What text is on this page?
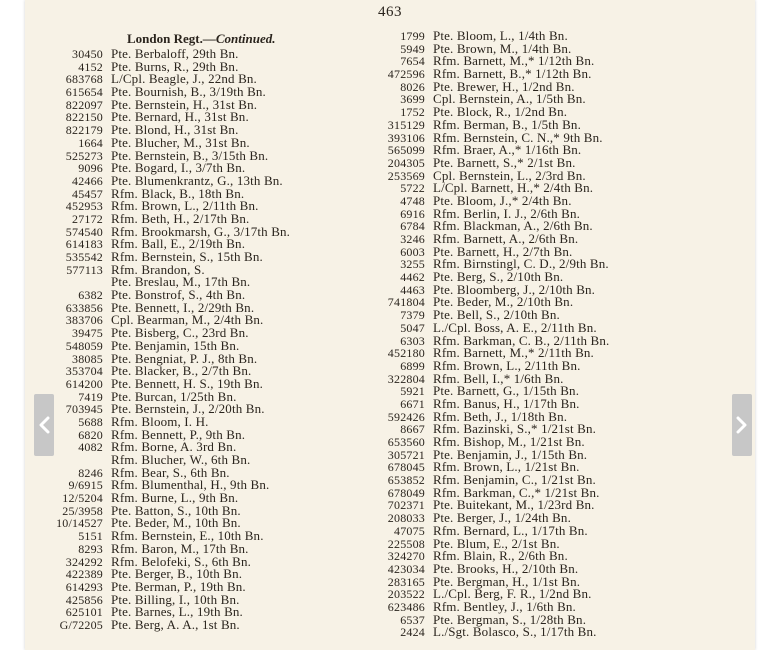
463
London Regt.—Continued.
30450 Pte. Berbaloff, 29th Bn.
4152 Pte. Burns, R., 29th Bn.
683768 L/Cpl. Beagle, J., 22nd Bn.
615654 Pte. Bournish, B., 3/19th Bn.
822097 Pte. Bernstein, H., 31st Bn.
822150 Pte. Bernard, H., 31st Bn.
822179 Pte. Blond, H., 31st Bn.
1664 Pte. Blucher, M., 31st Bn.
525273 Pte. Bernstein, B., 3/15th Bn.
9096 Pte. Bogard, I., 3/7th Bn.
42466 Pte. Blumenkrantz, G., 13th Bn.
45457 Rfm. Black, B., 18th Bn.
452953 Rfm. Brown, L., 2/11th Bn.
27172 Rfm. Beth, H., 2/17th Bn.
574540 Rfm. Brookmarsh, G., 3/17th Bn.
614183 Rfm. Ball, E., 2/19th Bn.
535542 Rfm. Bernstein, S., 15th Bn.
577113 Rfm. Brandon, S.
Pte. Breslau, M., 17th Bn.
6382 Pte. Bonstrof, S., 4th Bn.
633856 Pte. Bennett, I., 2/29th Bn.
383706 Cpl. Bearman, M., 2/4th Bn.
39475 Pte. Bisberg, C., 23rd Bn.
548059 Pte. Benjamin, 15th Bn.
38085 Pte. Bengniat, P. J., 8th Bn.
353704 Pte. Blacker, B., 2/7th Bn.
614200 Pte. Bennett, H. S., 19th Bn.
7419 Pte. Burcan, 1/25th Bn.
703945 Pte. Bernstein, J., 2/20th Bn.
5688 Rfm. Bloom, I. H.
6820 Rfm. Bennett, P., 9th Bn.
4082 Rfm. Borne, A. 3rd Bn.
Rfm. Blucher, W., 6th Bn.
8246 Rfm. Bear, S., 6th Bn.
9/6915 Rfm. Blumenthal, H., 9th Bn.
12/5204 Rfm. Burne, L., 9th Bn.
25/3958 Pte. Batton, S., 10th Bn.
10/14527 Pte. Beder, M., 10th Bn.
5151 Rfm. Bernstein, E., 10th Bn.
8293 Rfm. Baron, M., 17th Bn.
324292 Rfm. Belofeki, S., 6th Bn.
422389 Pte. Berger, B., 10th Bn.
614293 Pte. Berman, P., 19th Bn.
425856 Pte. Billing, I., 10th Bn.
625101 Pte. Barnes, L., 19th Bn.
G/72205 Pte. Berg, A. A., 1st Bn.
1799 Pte. Bloom, L., 1/4th Bn.
5949 Pte. Brown, M., 1/4th Bn.
7654 Rfm. Barnett, M.,* 1/12th Bn.
472596 Rfm. Barnett, B.,* 1/12th Bn.
8026 Pte. Brewer, H., 1/2nd Bn.
3699 Cpl. Bernstein, A., 1/5th Bn.
1752 Pte. Block, R., 1/2nd Bn.
315129 Rfm. Berman, B., 1/5th Bn.
393106 Rfm. Bernstein, C. N.,* 9th Bn.
565099 Rfm. Braer, A.,* 1/16th Bn.
204305 Pte. Barnett, S.,* 2/1st Bn.
253569 Cpl. Bernstein, L., 2/3rd Bn.
5722 L/Cpl. Barnett, H.,* 2/4th Bn.
4748 Pte. Bloom, J.,* 2/4th Bn.
6916 Rfm. Berlin, I. J., 2/6th Bn.
6784 Rfm. Blackman, A., 2/6th Bn.
3246 Rfm. Barnett, A., 2/6th Bn.
6003 Pte. Barnett, H., 2/7th Bn.
3255 Rfm. Birnstingl, C. D., 2/9th Bn.
4462 Pte. Berg, S., 2/10th Bn.
4463 Pte. Bloomberg, J., 2/10th Bn.
741804 Pte. Beder, M., 2/10th Bn.
7379 Pte. Bell, S., 2/10th Bn.
5047 L./Cpl. Boss, A. E., 2/11th Bn.
6303 Rfm. Barkman, C. B., 2/11th Bn.
452180 Rfm. Barnett, M.,* 2/11th Bn.
6899 Rfm. Brown, L., 2/11th Bn.
322804 Rfm. Bell, I.,* 1/6th Bn.
5921 Pte. Barnett, G., 1/15th Bn.
6671 Rfm. Banus, H., 1/17th Bn.
592426 Rfm. Beth, J., 1/18th Bn.
8667 Rfm. Bazinski, S.,* 1/21st Bn.
653560 Rfm. Bishop, M., 1/21st Bn.
305721 Pte. Benjamin, J., 1/15th Bn.
678045 Rfm. Brown, L., 1/21st Bn.
653852 Rfm. Benjamin, C., 1/21st Bn.
678049 Rfm. Barkman, C.,* 1/21st Bn.
702371 Pte. Buitekant, M., 1/23rd Bn.
208033 Pte. Berger, J., 1/24th Bn.
47075 Rfm. Bernard, L., 1/17th Bn.
225508 Pte. Blum, E., 2/1st Bn.
324270 Rfm. Blain, R., 2/6th Bn.
423034 Pte. Brooks, H., 2/10th Bn.
283165 Pte. Bergman, H., 1/1st Bn.
203522 L./Cpl. Berg, F. R., 1/2nd Bn.
623486 Rfm. Bentley, J., 1/6th Bn.
6537 Pte. Bergman, S., 1/28th Bn.
2424 L./Sgt. Bolasco, S., 1/17th Bn.
